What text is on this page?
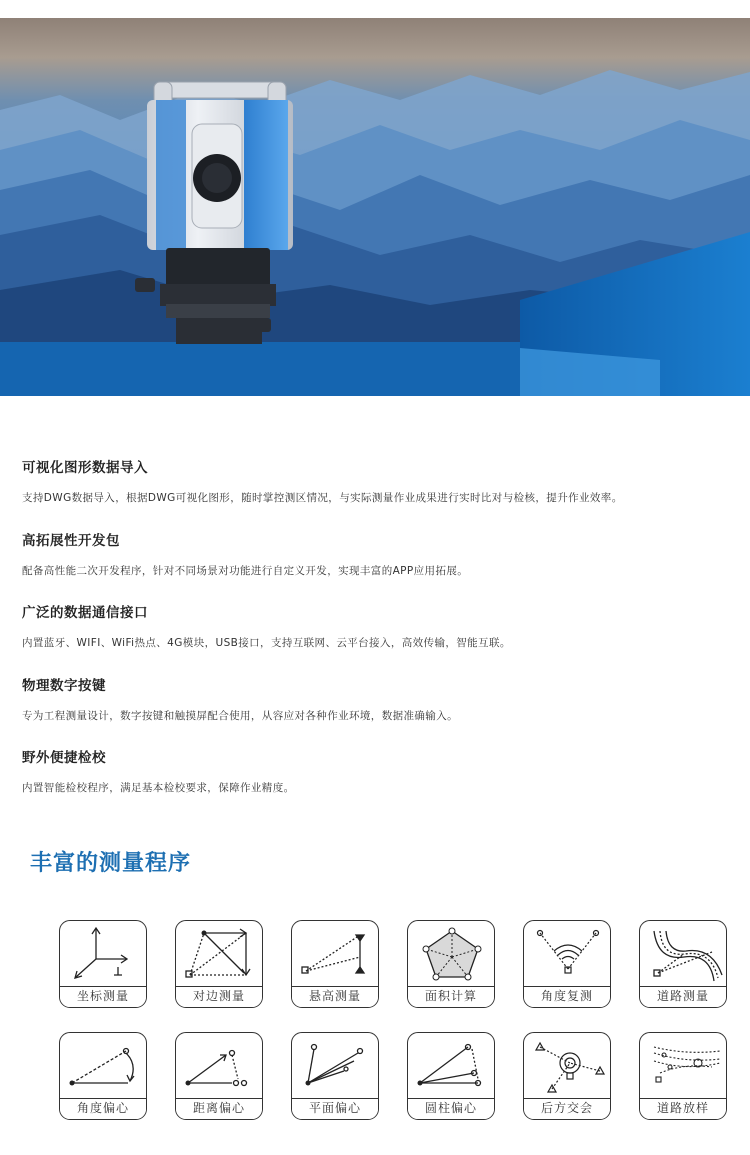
可视化图形数据导入
支持DWG数据导入，根据DWG可视化图形，随时掌控测区情况，与实际测量作业成果进行实时比对与检核，提升作业效率。
高拓展性开发包
配备高性能二次开发程序，针对不同场景对功能进行自定义开发，实现丰富的APP应用拓展。
广泛的数据通信接口
内置蓝牙、WIFI、WiFi热点、4G模块，USB接口，支持互联网、云平台接入，高效传输，智能互联。
物理数字按键
专为工程测量设计，数字按键和触摸屏配合使用，从容应对各种作业环境，数据准确输入。
野外便捷检校
内置智能检校程序，满足基本检校要求，保障作业精度。
丰富的测量程序
坐标测量	对边测量	悬高测量	面积计算	角度复测	道路测量
角度偏心	距离偏心	平面偏心	圆柱偏心	后方交会	道路放样
